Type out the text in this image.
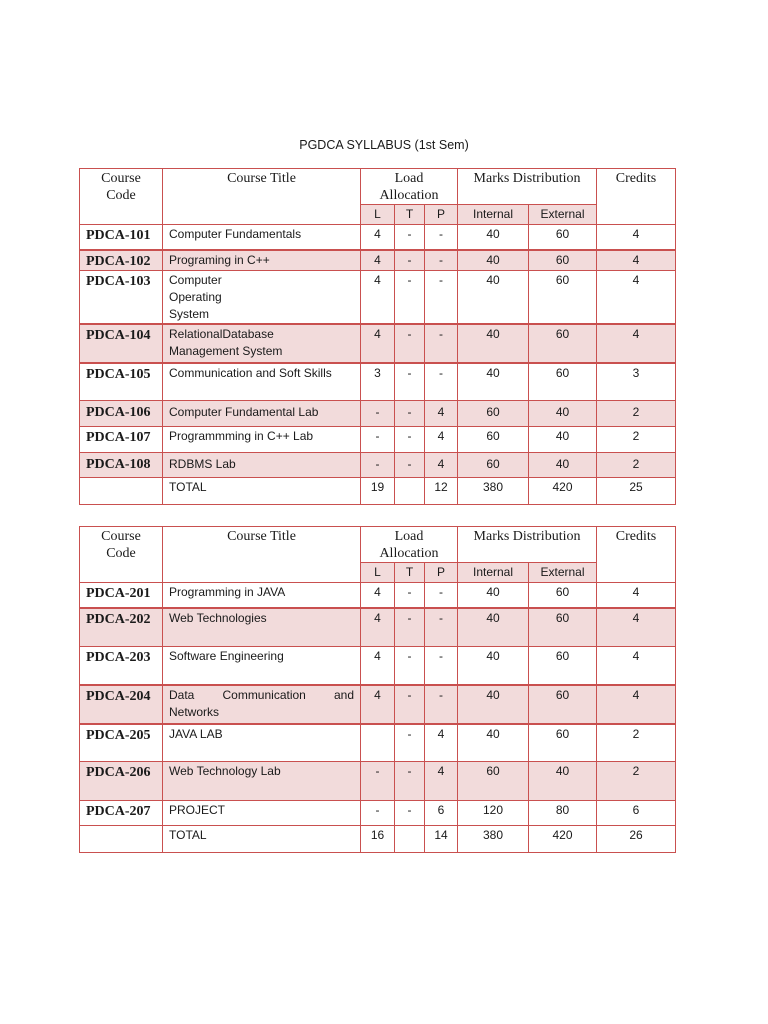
PGDCA SYLLABUS (1st Sem)
Course Code	Course Title	Load Allocation			Marks Distribution		Credits
		L	T	P	Internal	External	
PDCA-101	Computer Fundamentals	4	-	-	40	60	4
PDCA-102	Programing in C++	4	-	-	40	60	4
PDCA-103	Computer Operating System	4	-	-	40	60	4
PDCA-104	RelationalDatabase Management System	4	-	-	40	60	4
PDCA-105	Communication and Soft Skills	3	-	-	40	60	3
PDCA-106	Computer Fundamental Lab	-	-	4	60	40	2
PDCA-107	Programmming in C++ Lab	-	-	4	60	40	2
PDCA-108	RDBMS Lab	-	-	4	60	40	2
	TOTAL	19		12	380	420	25
Course Code	Course Title	Load Allocation			Marks Distribution		Credits
		L	T	P	Internal	External	
PDCA-201	Programming in JAVA	4	-	-	40	60	4
PDCA-202	Web Technologies	4	-	-	40	60	4
PDCA-203	Software Engineering	4	-	-	40	60	4
PDCA-204	Data Communication and Networks	4	-	-	40	60	4
PDCA-205	JAVA LAB		-	4	40	60	2
PDCA-206	Web Technology Lab	-	-	4	60	40	2
PDCA-207	PROJECT	-	-	6	120	80	6
	TOTAL	16		14	380	420	26
